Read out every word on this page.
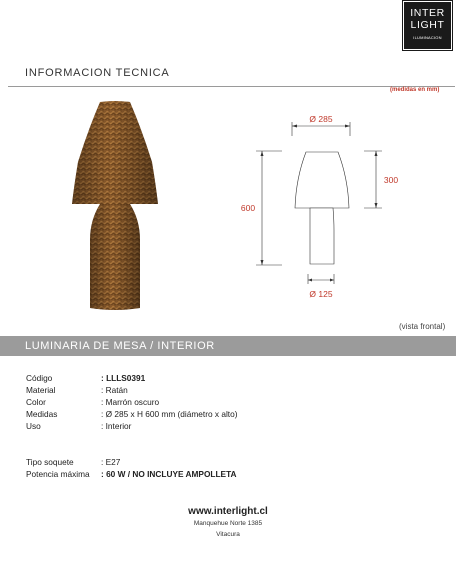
INTER
LIGHT
ILUMINACION
INFORMACION TECNICA
(medidas en mm)
Ø 285
300
600
Ø 125
(vista frontal)
LUMINARIA DE MESA / INTERIOR
Código	: LLLS0391
Material	: Ratán
Color	: Marrón oscuro
Medidas	: Ø 285 x H 600 mm (diámetro x alto)
Uso	: Interior
Tipo soquete	: E27
Potencia máxima : 60 W / NO INCLUYE AMPOLLETA
www.interlight.cl
Manquehue Norte 1385
Vitacura
